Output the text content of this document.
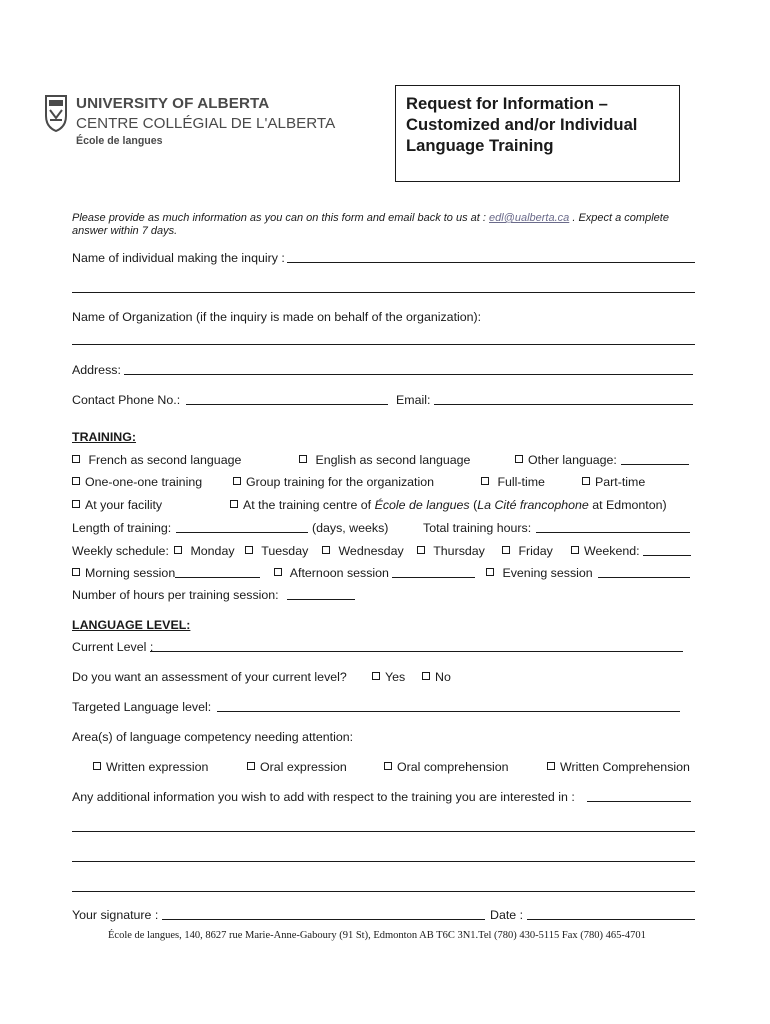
UNIVERSITY OF ALBERTA
CENTRE COLLÉGIAL DE L'ALBERTA
École de langues
Request for Information – Customized and/or Individual Language Training
Please provide as much information as you can on this form and email back to us at : edl@ualberta.ca . Expect a complete
answer within 7 days.
Name of individual making the inquiry :
Name of Organization (if the inquiry is made on behalf of the organization):
Address:
Contact Phone No.:	Email:
TRAINING:
French as second language	English as second language	Other language:
One-one-one training	Group training for the organization	Full-time	Part-time
At your facility	At the training centre of École de langues (La Cité francophone at Edmonton)
Length of training:	(days, weeks)	Total training hours:
Weekly schedule:	Monday	Tuesday	Wednesday	Thursday	Friday	Weekend:
Morning session	Afternoon session	Evening session
Number of hours per training session:
LANGUAGE LEVEL:
Current Level :
Do you want an assessment of your current level?	Yes	No
Targeted Language level:
Area(s) of language competency needing attention:
Written expression	Oral expression	Oral comprehension	Written Comprehension
Any additional information you wish to add with respect to the training you are interested in :
Your signature :	Date :
École de langues, 140, 8627 rue Marie-Anne-Gaboury (91 St), Edmonton AB T6C 3N1.Tel (780) 430-5115 Fax (780) 465-4701
